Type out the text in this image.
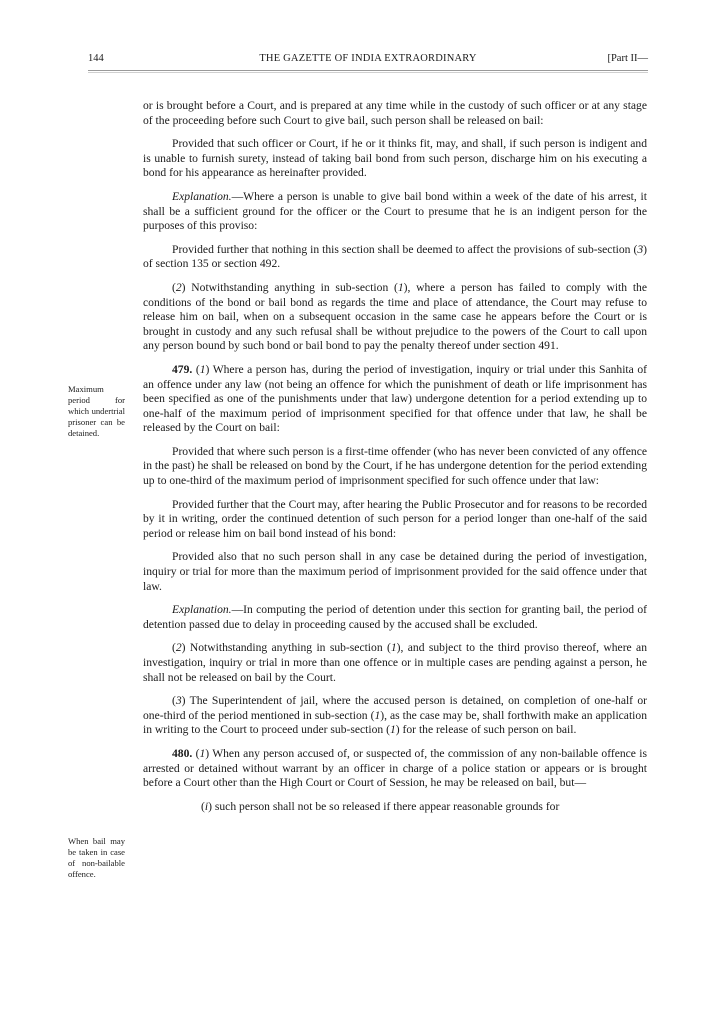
144	THE GAZETTE OF INDIA EXTRAORDINARY	[Part II—
Maximum period for which undertrial prisoner can be detained.
When bail may be taken in case of non-bailable offence.

or is brought before a Court, and is prepared at any time while in the custody of such officer or at any stage of the proceeding before such Court to give bail, such person shall be released on bail:

Provided that such officer or Court, if he or it thinks fit, may, and shall, if such person is indigent and is unable to furnish surety, instead of taking bail bond from such person, discharge him on his executing a bond for his appearance as hereinafter provided.

Explanation.—Where a person is unable to give bail bond within a week of the date of his arrest, it shall be a sufficient ground for the officer or the Court to presume that he is an indigent person for the purposes of this proviso:

Provided further that nothing in this section shall be deemed to affect the provisions of sub-section (3) of section 135 or section 492.

(2) Notwithstanding anything in sub-section (1), where a person has failed to comply with the conditions of the bond or bail bond as regards the time and place of attendance, the Court may refuse to release him on bail, when on a subsequent occasion in the same case he appears before the Court or is brought in custody and any such refusal shall be without prejudice to the powers of the Court to call upon any person bound by such bond or bail bond to pay the penalty thereof under section 491.

479. (1) Where a person has, during the period of investigation, inquiry or trial under this Sanhita of an offence under any law (not being an offence for which the punishment of death or life imprisonment has been specified as one of the punishments under that law) undergone detention for a period extending up to one-half of the maximum period of imprisonment specified for that offence under that law, he shall be released by the Court on bail:

Provided that where such person is a first-time offender (who has never been convicted of any offence in the past) he shall be released on bond by the Court, if he has undergone detention for the period extending up to one-third of the maximum period of imprisonment specified for such offence under that law:

Provided further that the Court may, after hearing the Public Prosecutor and for reasons to be recorded by it in writing, order the continued detention of such person for a period longer than one-half of the said period or release him on bail bond instead of his bond:

Provided also that no such person shall in any case be detained during the period of investigation, inquiry or trial for more than the maximum period of imprisonment provided for the said offence under that law.

Explanation.—In computing the period of detention under this section for granting bail, the period of detention passed due to delay in proceeding caused by the accused shall be excluded.

(2) Notwithstanding anything in sub-section (1), and subject to the third proviso thereof, where an investigation, inquiry or trial in more than one offence or in multiple cases are pending against a person, he shall not be released on bail by the Court.

(3) The Superintendent of jail, where the accused person is detained, on completion of one-half or one-third of the period mentioned in sub-section (1), as the case may be, shall forthwith make an application in writing to the Court to proceed under sub-section (1) for the release of such person on bail.

480. (1) When any person accused of, or suspected of, the commission of any non-bailable offence is arrested or detained without warrant by an officer in charge of a police station or appears or is brought before a Court other than the High Court or Court of Session, he may be released on bail, but—

(i) such person shall not be so released if there appear reasonable grounds for
